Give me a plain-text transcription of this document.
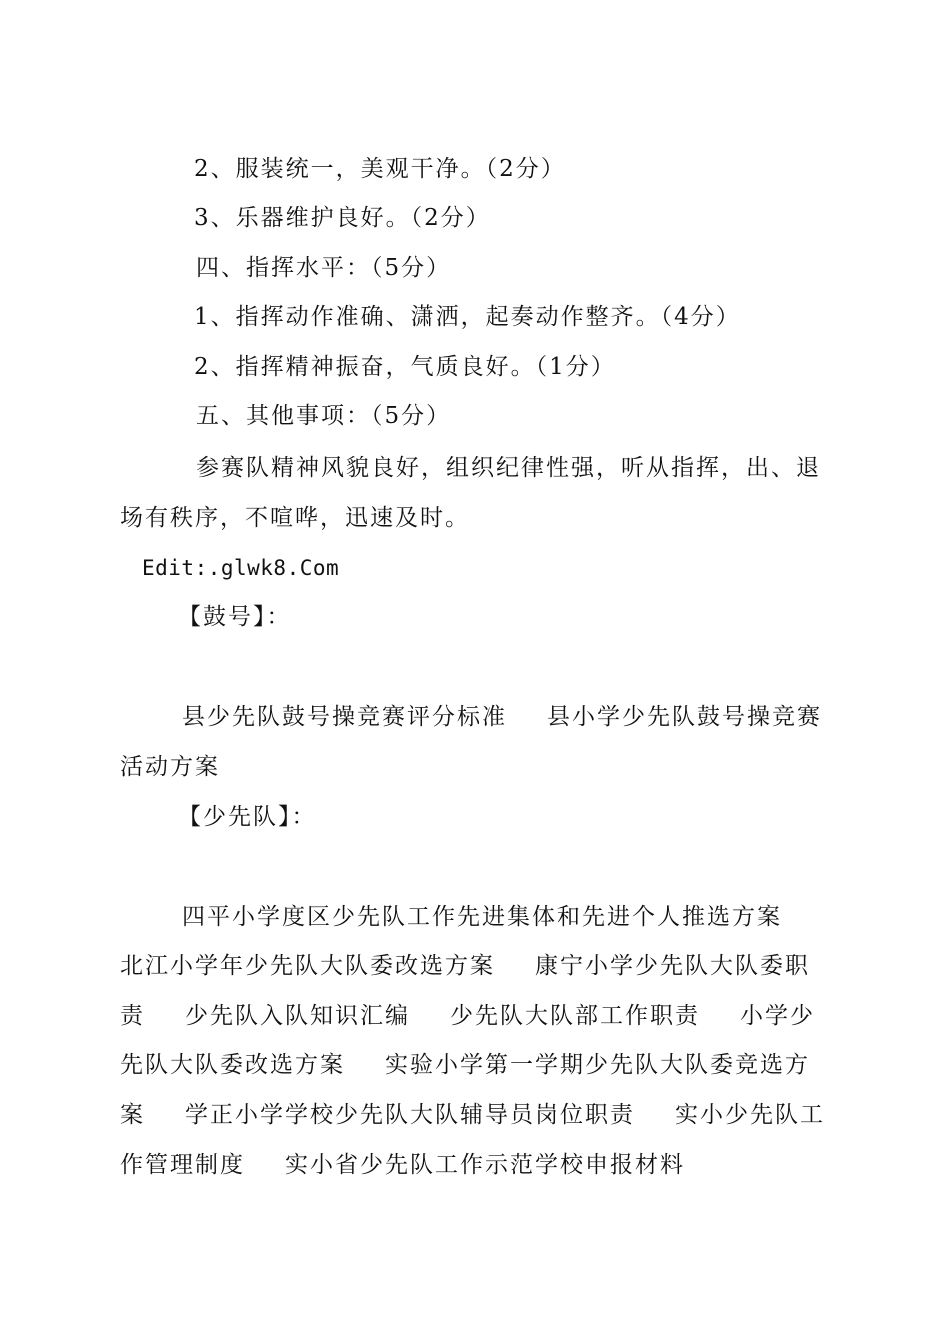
2、服装统一，美观干净。（2分）
3、乐器维护良好。（2分）
四、指挥水平：（5分）
1、指挥动作准确、潇洒，起奏动作整齐。（4分）
2、指挥精神振奋，气质良好。（1分）
五、其他事项：（5分）
参赛队精神风貌良好，组织纪律性强，听从指挥，出、退
场有秩序，不喧哗，迅速及时。
Edit:.glwk8.Com
【鼓号】：
县少先队鼓号操竞赛评分标准 县小学少先队鼓号操竞赛
活动方案
【少先队】：
四平小学度区少先队工作先进集体和先进个人推选方案
北江小学年少先队大队委改选方案 康宁小学少先队大队委职
责 少先队入队知识汇编 少先队大队部工作职责 小学少
先队大队委改选方案 实验小学第一学期少先队大队委竞选方
案 学正小学学校少先队大队辅导员岗位职责 实小少先队工
作管理制度 实小省少先队工作示范学校申报材料
